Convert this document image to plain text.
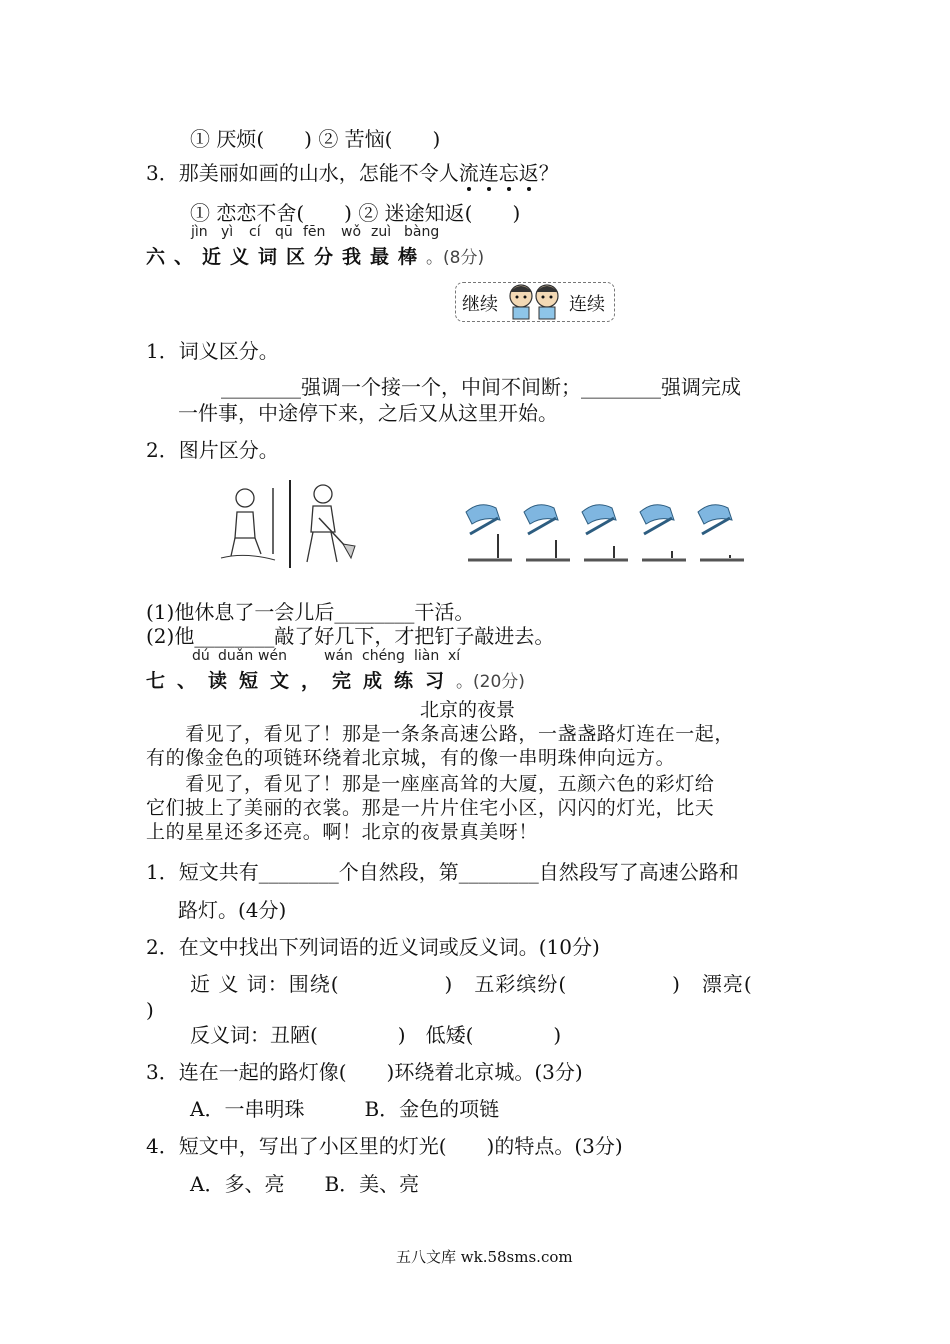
① 厌烦(　　) ② 苦恼(　　)
3．那美丽如画的山水，怎能不令人流连忘返？
① 恋恋不舍(　　) ② 迷途知返(　　)
jìn yì cí qū fēn wǒ zuì bàng
六、近义词区分我最棒。(8分)
继续	连续
1．词义区分。
________强调一个接一个，中间不间断；________强调完成
一件事，中途停下来，之后又从这里开始。
2．图片区分。
(1)他休息了一会儿后________干活。
(2)他________敲了好几下，才把钉子敲进去。
dú duǎn wén	wán chéng liàn xí
七、读短文，完成练习。(20分)
北京的夜景
　　看见了，看见了！那是一条条高速公路，一盏盏路灯连在一起，
有的像金色的项链环绕着北京城，有的像一串明珠伸向远方。
　　看见了，看见了！那是一座座高耸的大厦，五颜六色的彩灯给
它们披上了美丽的衣裳。那是一片片住宅小区，闪闪的灯光，比天
上的星星还多还亮。啊！北京的夜景真美呀！
1．短文共有________个自然段，第________自然段写了高速公路和
路灯。(4分)
2．在文中找出下列词语的近义词或反义词。(10分)
近 义 词：围绕(　　　　　)　五彩缤纷(　　　　　)　漂亮(
)
反义词：丑陋(　　　　)　低矮(　　　　)
3．连在一起的路灯像(　　)环绕着北京城。(3分)
A．一串明珠　　　B．金色的项链
4．短文中，写出了小区里的灯光(　　)的特点。(3分)
A．多、亮　　B．美、亮
五八文库 wk.58sms.com
